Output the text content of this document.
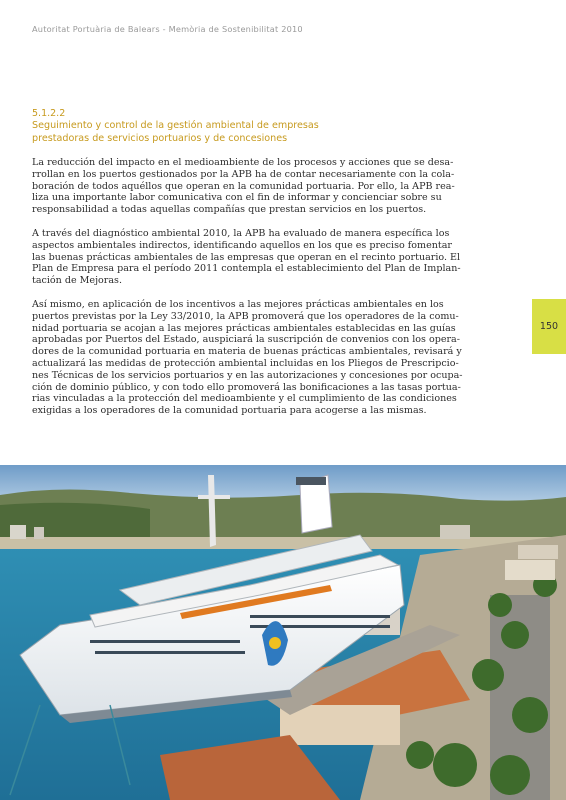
Autoritat Portuària de Balears - Memòria de Sostenibilitat 2010
5.1.2.2
Seguimiento y control de la gestión ambiental de empresas
prestadoras de servicios portuarios y de concesiones
La reducción del impacto en el medioambiente de los procesos y acciones que se desa-
rrollan en los puertos gestionados por la APB ha de contar necesariamente con la cola-
boración de todos aquéllos que operan en la comunidad portuaria. Por ello, la APB rea-
liza una importante labor comunicativa con el fin de informar y concienciar sobre su
responsabilidad a todas aquellas compañías que prestan servicios en los puertos.
A través del diagnóstico ambiental 2010, la APB ha evaluado de manera específica los
aspectos ambientales indirectos, identificando aquellos en los que es preciso fomentar
las buenas prácticas ambientales de las empresas que operan en el recinto portuario. El
Plan de Empresa para el período 2011 contempla el establecimiento del Plan de Implan-
tación de Mejoras.
Así mismo, en aplicación de los incentivos a las mejores prácticas ambientales en los
puertos previstas por la Ley 33/2010, la APB promoverá que los operadores de la comu-
nidad portuaria se acojan a las mejores prácticas ambientales establecidas en las guías
aprobadas por Puertos del Estado, auspiciará la suscripción de convenios con los opera-
dores de la comunidad portuaria en materia de buenas prácticas ambientales, revisará y
actualizará las medidas de protección ambiental incluidas en los Pliegos de Prescripcio-
nes Técnicas de los servicios portuarios y en las autorizaciones y concesiones por ocupa-
ción de dominio público, y con todo ello promoverá las bonificaciones a las tasas portua-
rias vinculadas a la protección del medioambiente y el cumplimiento de las condiciones
exigidas a los operadores de la comunidad portuaria para acogerse a las mismas.
150
